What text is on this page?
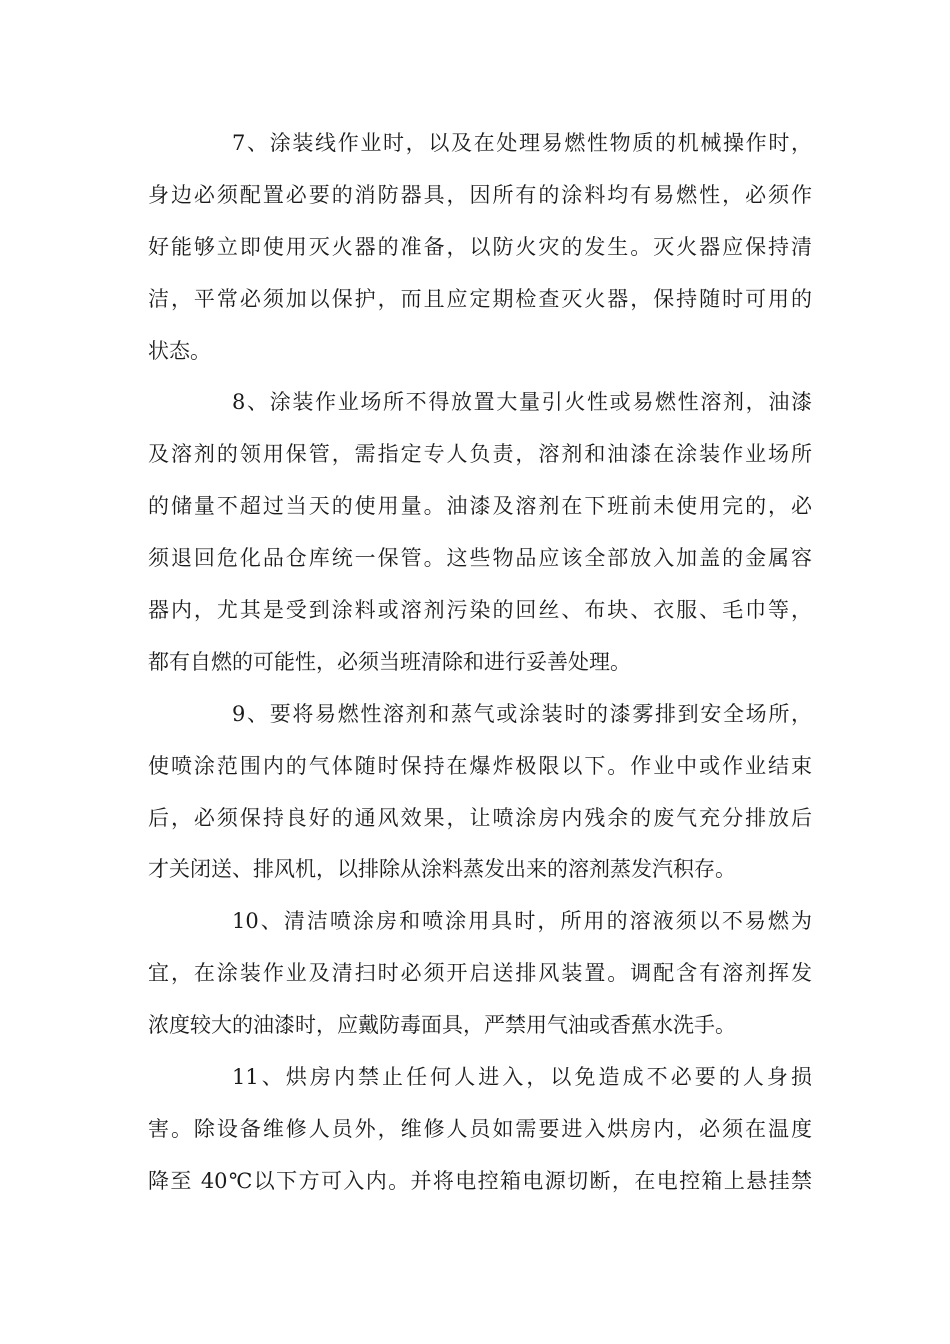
7、涂装线作业时，以及在处理易燃性物质的机械操作时，
身边必须配置必要的消防器具，因所有的涂料均有易燃性，必须作
好能够立即使用灭火器的准备，以防火灾的发生。灭火器应保持清
洁，平常必须加以保护，而且应定期检查灭火器，保持随时可用的
状态。
8、涂装作业场所不得放置大量引火性或易燃性溶剂，油漆
及溶剂的领用保管，需指定专人负责，溶剂和油漆在涂装作业场所
的储量不超过当天的使用量。油漆及溶剂在下班前未使用完的，必
须退回危化品仓库统一保管。这些物品应该全部放入加盖的金属容
器内，尤其是受到涂料或溶剂污染的回丝、布块、衣服、毛巾等，
都有自燃的可能性，必须当班清除和进行妥善处理。
9、要将易燃性溶剂和蒸气或涂装时的漆雾排到安全场所，
使喷涂范围内的气体随时保持在爆炸极限以下。作业中或作业结束
后，必须保持良好的通风效果，让喷涂房内残余的废气充分排放后
才关闭送、排风机，以排除从涂料蒸发出来的溶剂蒸发汽积存。
10、清洁喷涂房和喷涂用具时，所用的溶液须以不易燃为
宜，在涂装作业及清扫时必须开启送排风装置。调配含有溶剂挥发
浓度较大的油漆时，应戴防毒面具，严禁用气油或香蕉水洗手。
11、烘房内禁止任何人进入，以免造成不必要的人身损
害。除设备维修人员外，维修人员如需要进入烘房内，必须在温度
降至 40℃以下方可入内。并将电控箱电源切断，在电控箱上悬挂禁
